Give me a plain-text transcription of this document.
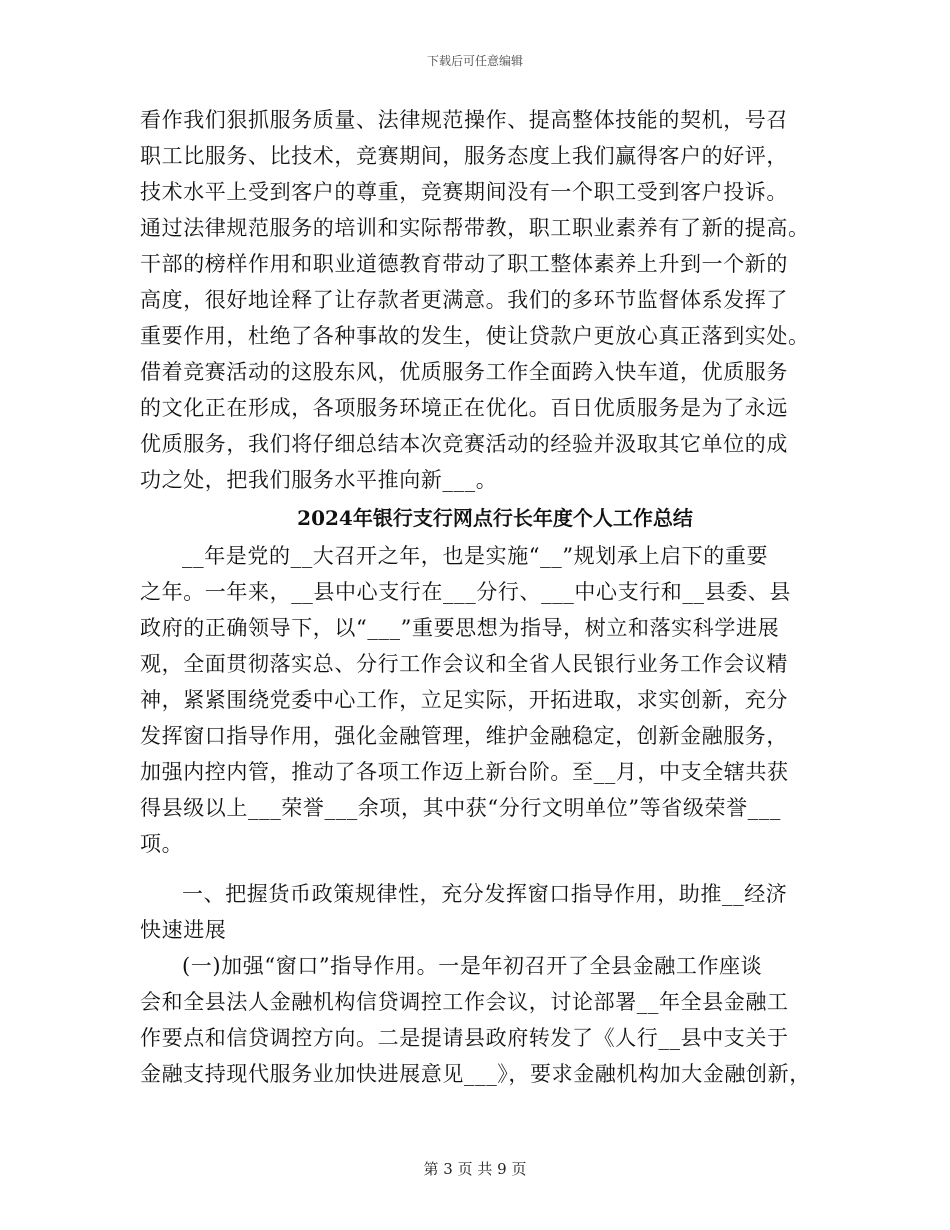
下载后可任意编辑
看作我们狠抓服务质量、法律规范操作、提高整体技能的契机，号召
职工比服务、比技术，竞赛期间，服务态度上我们赢得客户的好评，
技术水平上受到客户的尊重，竞赛期间没有一个职工受到客户投诉。
通过法律规范服务的培训和实际帮带教，职工职业素养有了新的提高。
干部的榜样作用和职业道德教育带动了职工整体素养上升到一个新的
高度，很好地诠释了让存款者更满意。我们的多环节监督体系发挥了
重要作用，杜绝了各种事故的发生，使让贷款户更放心真正落到实处。
借着竞赛活动的这股东风，优质服务工作全面跨入快车道，优质服务
的文化正在形成，各项服务环境正在优化。百日优质服务是为了永远
优质服务，我们将仔细总结本次竞赛活动的经验并汲取其它单位的成
功之处，把我们服务水平推向新___。
2024年银行支行网点行长年度个人工作总结
__年是党的__大召开之年，也是实施“__”规划承上启下的重要
之年。一年来，__县中心支行在___分行、___中心支行和__县委、县
政府的正确领导下，以“___”重要思想为指导，树立和落实科学进展
观，全面贯彻落实总、分行工作会议和全省人民银行业务工作会议精
神，紧紧围绕党委中心工作，立足实际，开拓进取，求实创新，充分
发挥窗口指导作用，强化金融管理，维护金融稳定，创新金融服务，
加强内控内管，推动了各项工作迈上新台阶。至__月，中支全辖共获
得县级以上___荣誉___余项，其中获“分行文明单位”等省级荣誉___
项。
一、把握货币政策规律性，充分发挥窗口指导作用，助推__经济
快速进展
(一)加强“窗口”指导作用。一是年初召开了全县金融工作座谈
会和全县法人金融机构信贷调控工作会议，讨论部署__年全县金融工
作要点和信贷调控方向。二是提请县政府转发了《人行__县中支关于
金融支持现代服务业加快进展意见___》，要求金融机构加大金融创新，
第 3 页 共 9 页
